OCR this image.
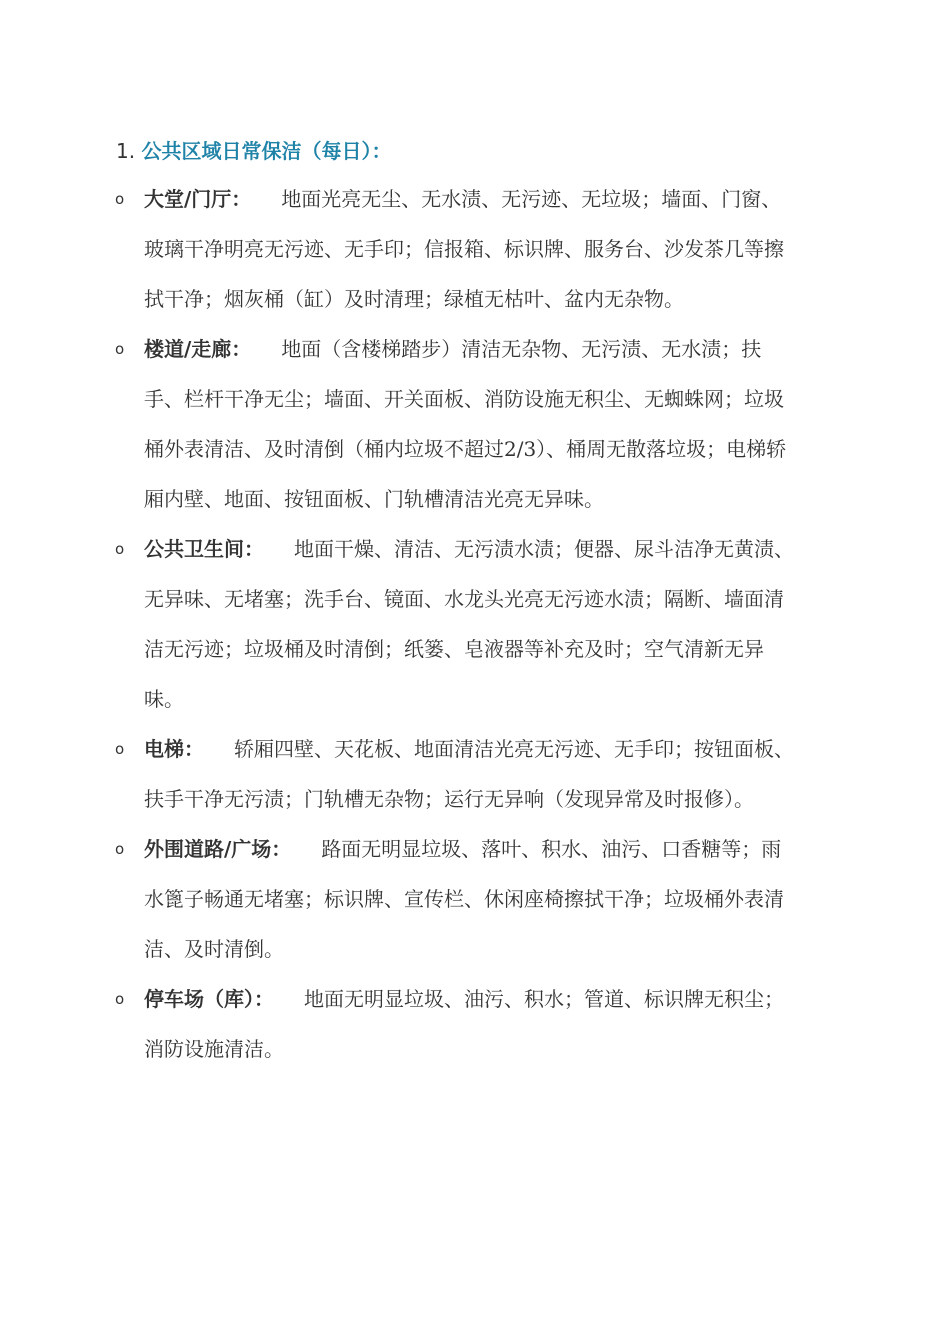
1. 公共区域日常保洁（每日）：
o 大堂/门厅： 地面光亮无尘、无水渍、无污迹、无垃圾；墙面、门窗、玻璃干净明亮无污迹、无手印；信报箱、标识牌、服务台、沙发茶几等擦拭干净；烟灰桶（缸）及时清理；绿植无枯叶、盆内无杂物。
o 楼道/走廊： 地面（含楼梯踏步）清洁无杂物、无污渍、无水渍；扶手、栏杆干净无尘；墙面、开关面板、消防设施无积尘、无蜘蛛网；垃圾桶外表清洁、及时清倒（桶内垃圾不超过2/3）、桶周无散落垃圾；电梯轿厢内壁、地面、按钮面板、门轨槽清洁光亮无异味。
o 公共卫生间： 地面干燥、清洁、无污渍水渍；便器、尿斗洁净无黄渍、无异味、无堵塞；洗手台、镜面、水龙头光亮无污迹水渍；隔断、墙面清洁无污迹；垃圾桶及时清倒；纸篓、皂液器等补充及时；空气清新无异味。
o 电梯： 轿厢四壁、天花板、地面清洁光亮无污迹、无手印；按钮面板、扶手干净无污渍；门轨槽无杂物；运行无异响（发现异常及时报修）。
o 外围道路/广场： 路面无明显垃圾、落叶、积水、油污、口香糖等；雨水篦子畅通无堵塞；标识牌、宣传栏、休闲座椅擦拭干净；垃圾桶外表清洁、及时清倒。
o 停车场（库）： 地面无明显垃圾、油污、积水；管道、标识牌无积尘；消防设施清洁。
